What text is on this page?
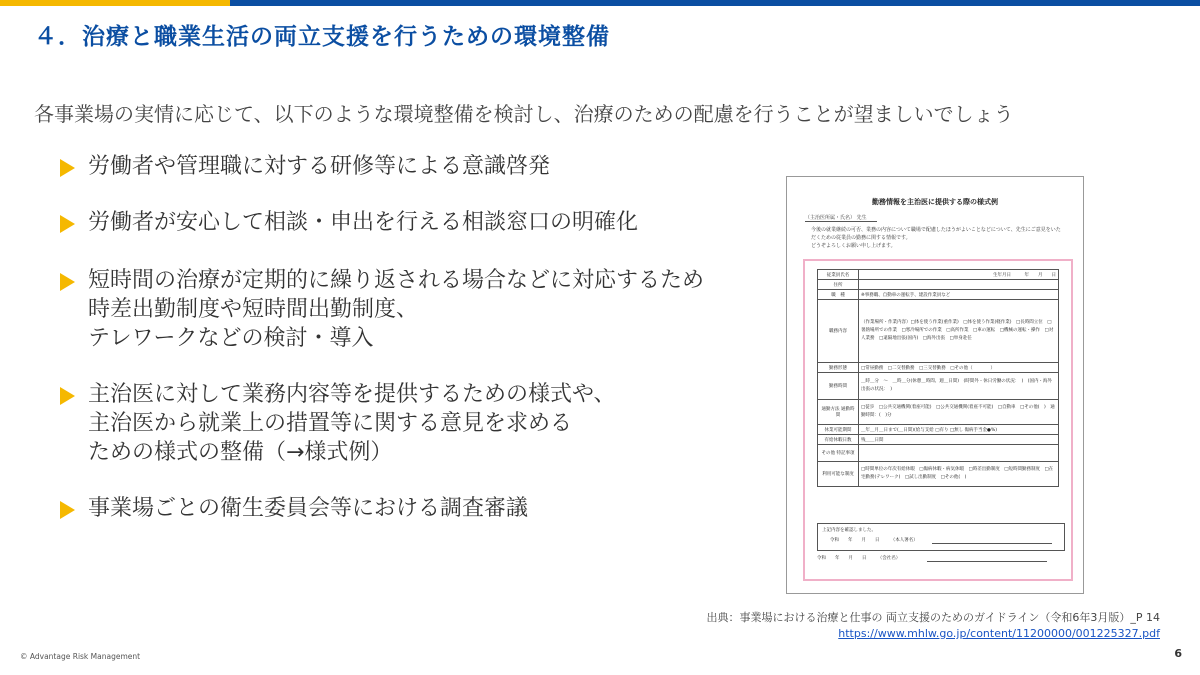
４．治療と職業生活の両立支援を行うための環境整備
各事業場の実情に応じて、以下のような環境整備を検討し、治療のための配慮を行うことが望ましいでしょう
労働者や管理職に対する研修等による意識啓発
労働者が安心して相談・申出を行える相談窓口の明確化
短時間の治療が定期的に繰り返される場合などに対応するため
時差出勤制度や短時間出勤制度、
テレワークなどの検討・導入
主治医に対して業務内容等を提供するための様式や、
主治医から就業上の措置等に関する意見を求める
ための様式の整備（→様式例）
事業場ごとの衛生委員会等における調査審議
勤務情報を主治医に提供する際の様式例
（主治医所属・氏名） 先生
今後の就業継続の可否、業務の内容について職場で配慮したほうがよいことなどについて、先生にご意見をいた
だくための従業員の勤務に関する情報です。
どうぞよろしくお願い申し上げます。
従業員氏名	生年月日　　　年　　月　　日
住所	
職　種	※事務職、自動車の運転手、建設作業員など
職務内容	（作業場所・作業内容）□体を使う作業(重作業)　□体を使う作業(軽作業)　□長時間立位　□暑熱場所での作業　□寒冷場所での作業　□高所作業　□車の運転　□機械の運転・操作　□対人業務　□遠隔地出張(国内)　□海外出張　□単身赴任
勤務形態	□常昼勤務　□二交替勤務　□三交替勤務　□その他（　　　　）
勤務時間	＿時＿分　〜　＿時＿分(休憩＿時間、週＿日間)　(時間外・休日労働の状況：　)　(国内・海外出張の状況：　)
通勤方法 通勤時間	□徒歩　□公共交通機関(着座可能)　□公共交通機関(着座不可能)　□自動車　□その他(　)　通勤時間：(　)分
休業可能期間	＿年＿月＿日まで(＿日間)(給与支給 □有り □無し 傷病手当金●%)
有給休暇日数	残＿＿日間
その他 特記事項	
利用可能な制度	□時間単位の年次有給休暇　□傷病休暇・病気休暇　□時差出勤制度　□短時間勤務制度　□在宅勤務(テレワーク)　□試し出勤制度　□その他(　)
上記内容を確認しました。
令和　　年　　月　　日　　　（本人署名）
令和　　年　　月　　日　　　（会社名）
出典：事業場における治療と仕事の 両立支援のためのガイドライン（令和6年3月版）_P 14
https://www.mhlw.go.jp/content/11200000/001225327.pdf
© Advantage Risk Management	6
